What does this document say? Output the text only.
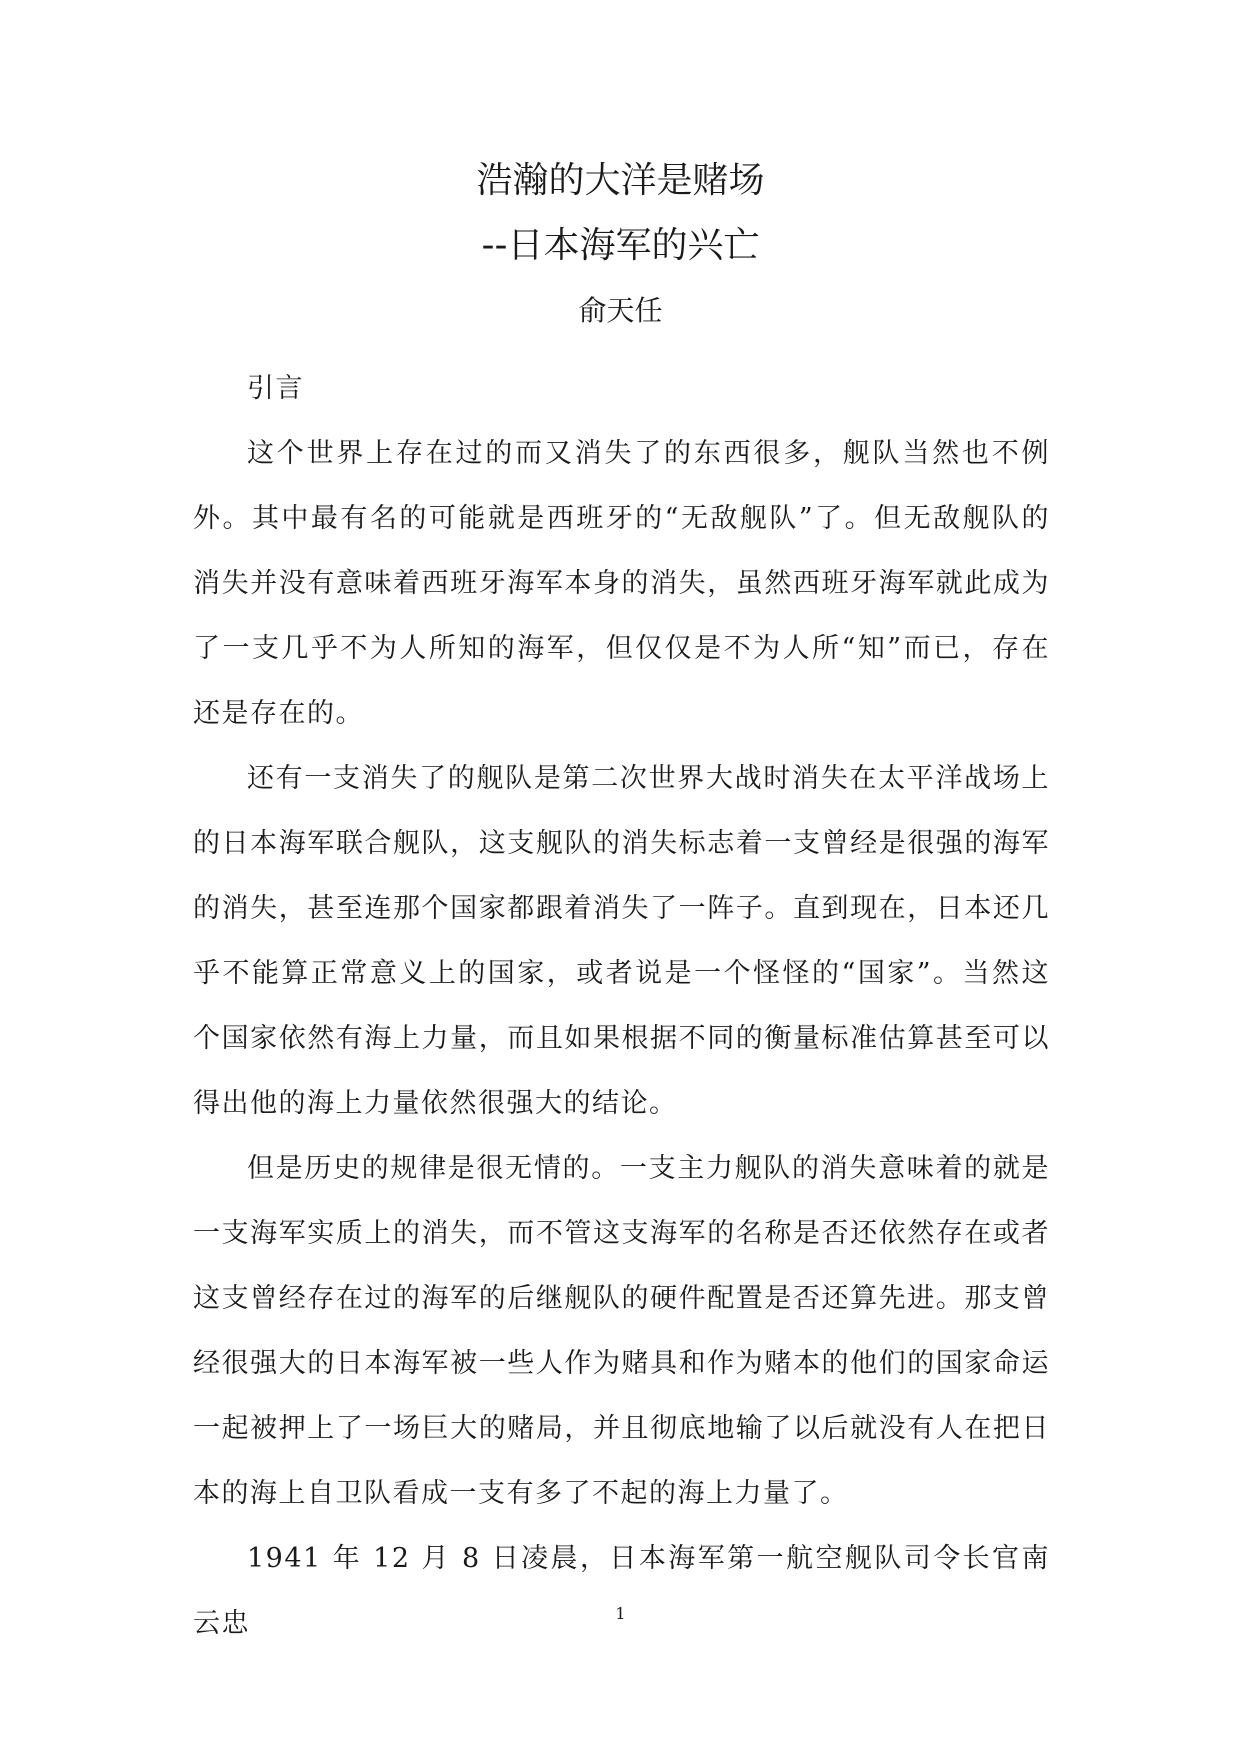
浩瀚的大洋是赌场
--日本海军的兴亡
俞天任

引言

这个世界上存在过的而又消失了的东西很多，舰队当然也不例外。其中最有名的可能就是西班牙的“无敌舰队”了。但无敌舰队的消失并没有意味着西班牙海军本身的消失，虽然西班牙海军就此成为了一支几乎不为人所知的海军，但仅仅是不为人所“知”而已，存在还是存在的。

还有一支消失了的舰队是第二次世界大战时消失在太平洋战场上的日本海军联合舰队，这支舰队的消失标志着一支曾经是很强的海军的消失，甚至连那个国家都跟着消失了一阵子。直到现在，日本还几乎不能算正常意义上的国家，或者说是一个怪怪的“国家”。当然这个国家依然有海上力量，而且如果根据不同的衡量标准估算甚至可以得出他的海上力量依然很强大的结论。

但是历史的规律是很无情的。一支主力舰队的消失意味着的就是一支海军实质上的消失，而不管这支海军的名称是否还依然存在或者这支曾经存在过的海军的后继舰队的硬件配置是否还算先进。那支曾经很强大的日本海军被一些人作为赌具和作为赌本的他们的国家命运一起被押上了一场巨大的赌局，并且彻底地输了以后就没有人在把日本的海上自卫队看成一支有多了不起的海上力量了。

1941 年 12 月 8 日凌晨，日本海军第一航空舰队司令长官南云忠	1
